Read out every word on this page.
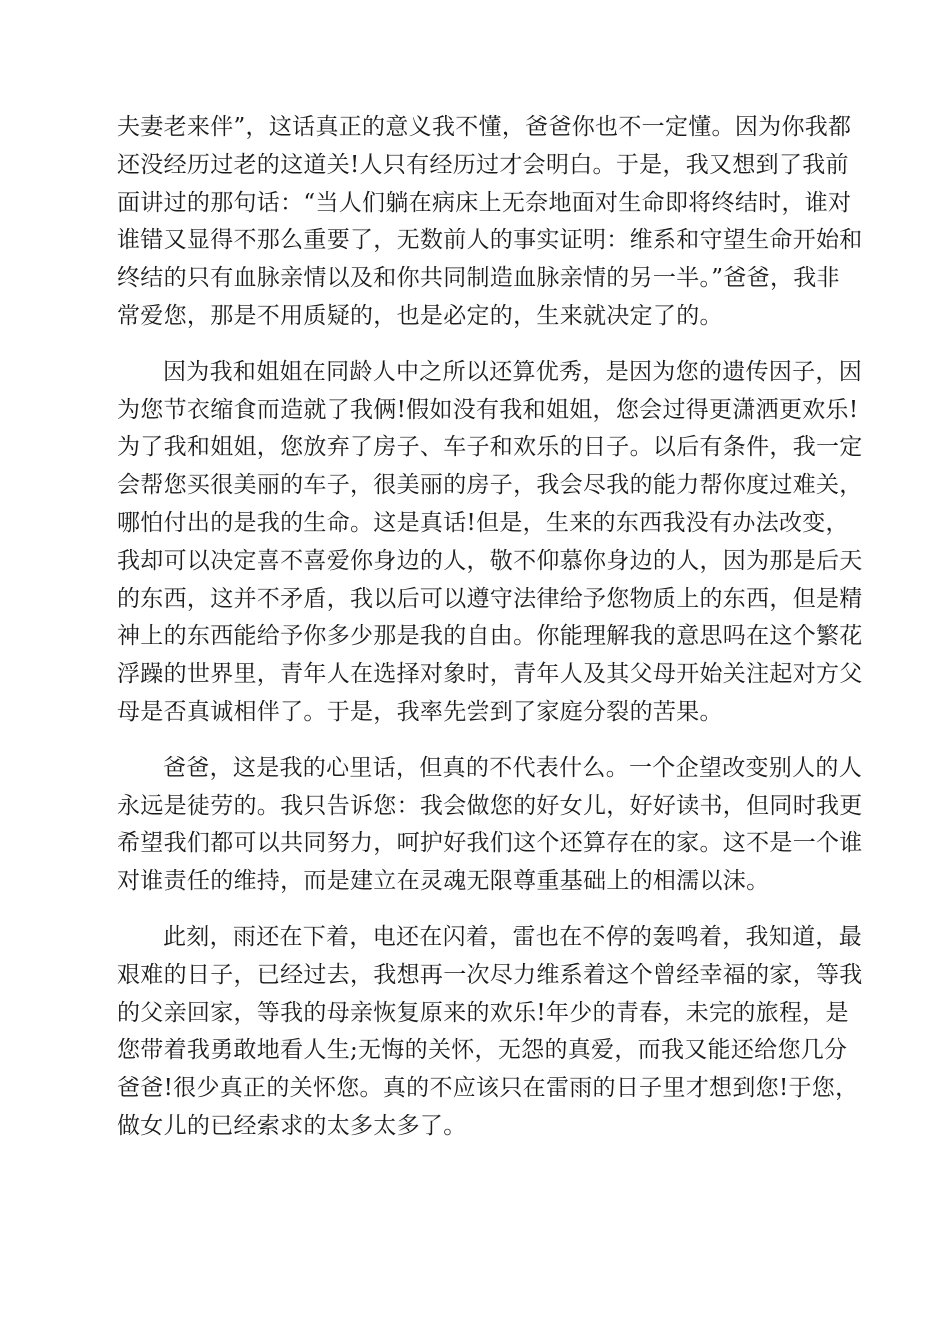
夫妻老来伴”，这话真正的意义我不懂，爸爸你也不一定懂。因为你我都
还没经历过老的这道关!人只有经历过才会明白。于是，我又想到了我前
面讲过的那句话：“当人们躺在病床上无奈地面对生命即将终结时，谁对
谁错又显得不那么重要了，无数前人的事实证明：维系和守望生命开始和
终结的只有血脉亲情以及和你共同制造血脉亲情的另一半。”爸爸，我非
常爱您，那是不用质疑的，也是必定的，生来就决定了的。

因为我和姐姐在同龄人中之所以还算优秀，是因为您的遗传因子，因
为您节衣缩食而造就了我俩!假如没有我和姐姐，您会过得更潇洒更欢乐!
为了我和姐姐，您放弃了房子、车子和欢乐的日子。以后有条件，我一定
会帮您买很美丽的车子，很美丽的房子，我会尽我的能力帮你度过难关，
哪怕付出的是我的生命。这是真话!但是，生来的东西我没有办法改变，
我却可以决定喜不喜爱你身边的人，敬不仰慕你身边的人，因为那是后天
的东西，这并不矛盾，我以后可以遵守法律给予您物质上的东西，但是精
神上的东西能给予你多少那是我的自由。你能理解我的意思吗在这个繁花
浮躁的世界里，青年人在选择对象时，青年人及其父母开始关注起对方父
母是否真诚相伴了。于是，我率先尝到了家庭分裂的苦果。

爸爸，这是我的心里话，但真的不代表什么。一个企望改变别人的人
永远是徒劳的。我只告诉您：我会做您的好女儿，好好读书，但同时我更
希望我们都可以共同努力，呵护好我们这个还算存在的家。这不是一个谁
对谁责任的维持，而是建立在灵魂无限尊重基础上的相濡以沫。

此刻，雨还在下着，电还在闪着，雷也在不停的轰鸣着，我知道，最
艰难的日子，已经过去，我想再一次尽力维系着这个曾经幸福的家，等我
的父亲回家，等我的母亲恢复原来的欢乐!年少的青春，未完的旅程，是
您带着我勇敢地看人生;无悔的关怀，无怨的真爱，而我又能还给您几分
爸爸!很少真正的关怀您。真的不应该只在雷雨的日子里才想到您!于您，
做女儿的已经索求的太多太多了。
